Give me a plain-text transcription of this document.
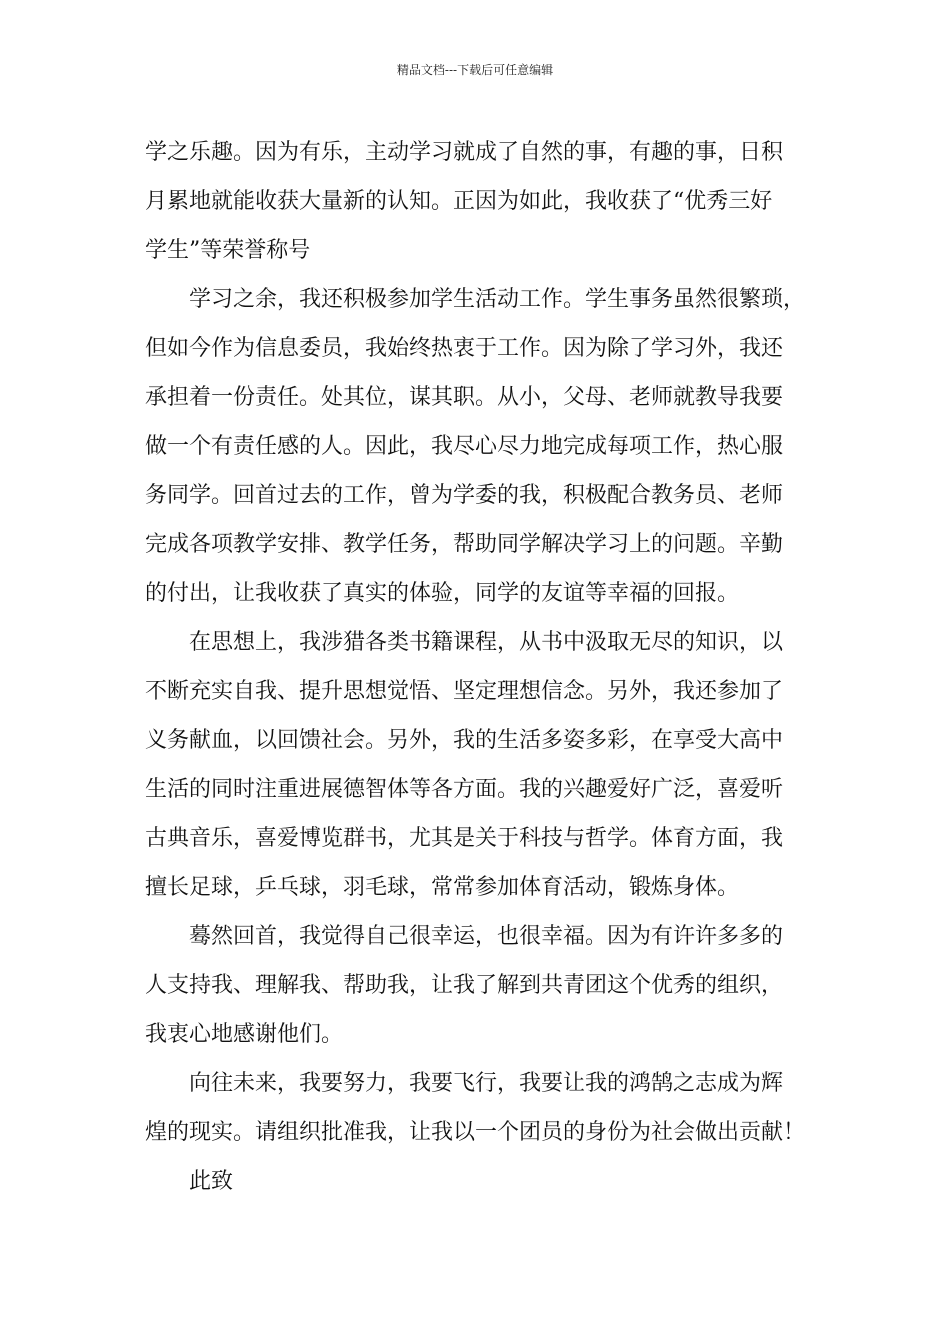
精品文档---下载后可任意编辑
学之乐趣。因为有乐，主动学习就成了自然的事，有趣的事，日积
月累地就能收获大量新的认知。正因为如此，我收获了“优秀三好
学生”等荣誉称号
学习之余，我还积极参加学生活动工作。学生事务虽然很繁琐，
但如今作为信息委员，我始终热衷于工作。因为除了学习外，我还
承担着一份责任。处其位，谋其职。从小，父母、老师就教导我要
做一个有责任感的人。因此，我尽心尽力地完成每项工作，热心服
务同学。回首过去的工作，曾为学委的我，积极配合教务员、老师
完成各项教学安排、教学任务，帮助同学解决学习上的问题。辛勤
的付出，让我收获了真实的体验，同学的友谊等幸福的回报。
在思想上，我涉猎各类书籍课程，从书中汲取无尽的知识，以
不断充实自我、提升思想觉悟、坚定理想信念。另外，我还参加了
义务献血，以回馈社会。另外，我的生活多姿多彩，在享受大高中
生活的同时注重进展德智体等各方面。我的兴趣爱好广泛，喜爱听
古典音乐，喜爱博览群书，尤其是关于科技与哲学。体育方面，我
擅长足球，乒乓球，羽毛球，常常参加体育活动，锻炼身体。
蓦然回首，我觉得自己很幸运，也很幸福。因为有许许多多的
人支持我、理解我、帮助我，让我了解到共青团这个优秀的组织，
我衷心地感谢他们。
向往未来，我要努力，我要飞行，我要让我的鸿鹄之志成为辉
煌的现实。请组织批准我，让我以一个团员的身份为社会做出贡献！
此致
